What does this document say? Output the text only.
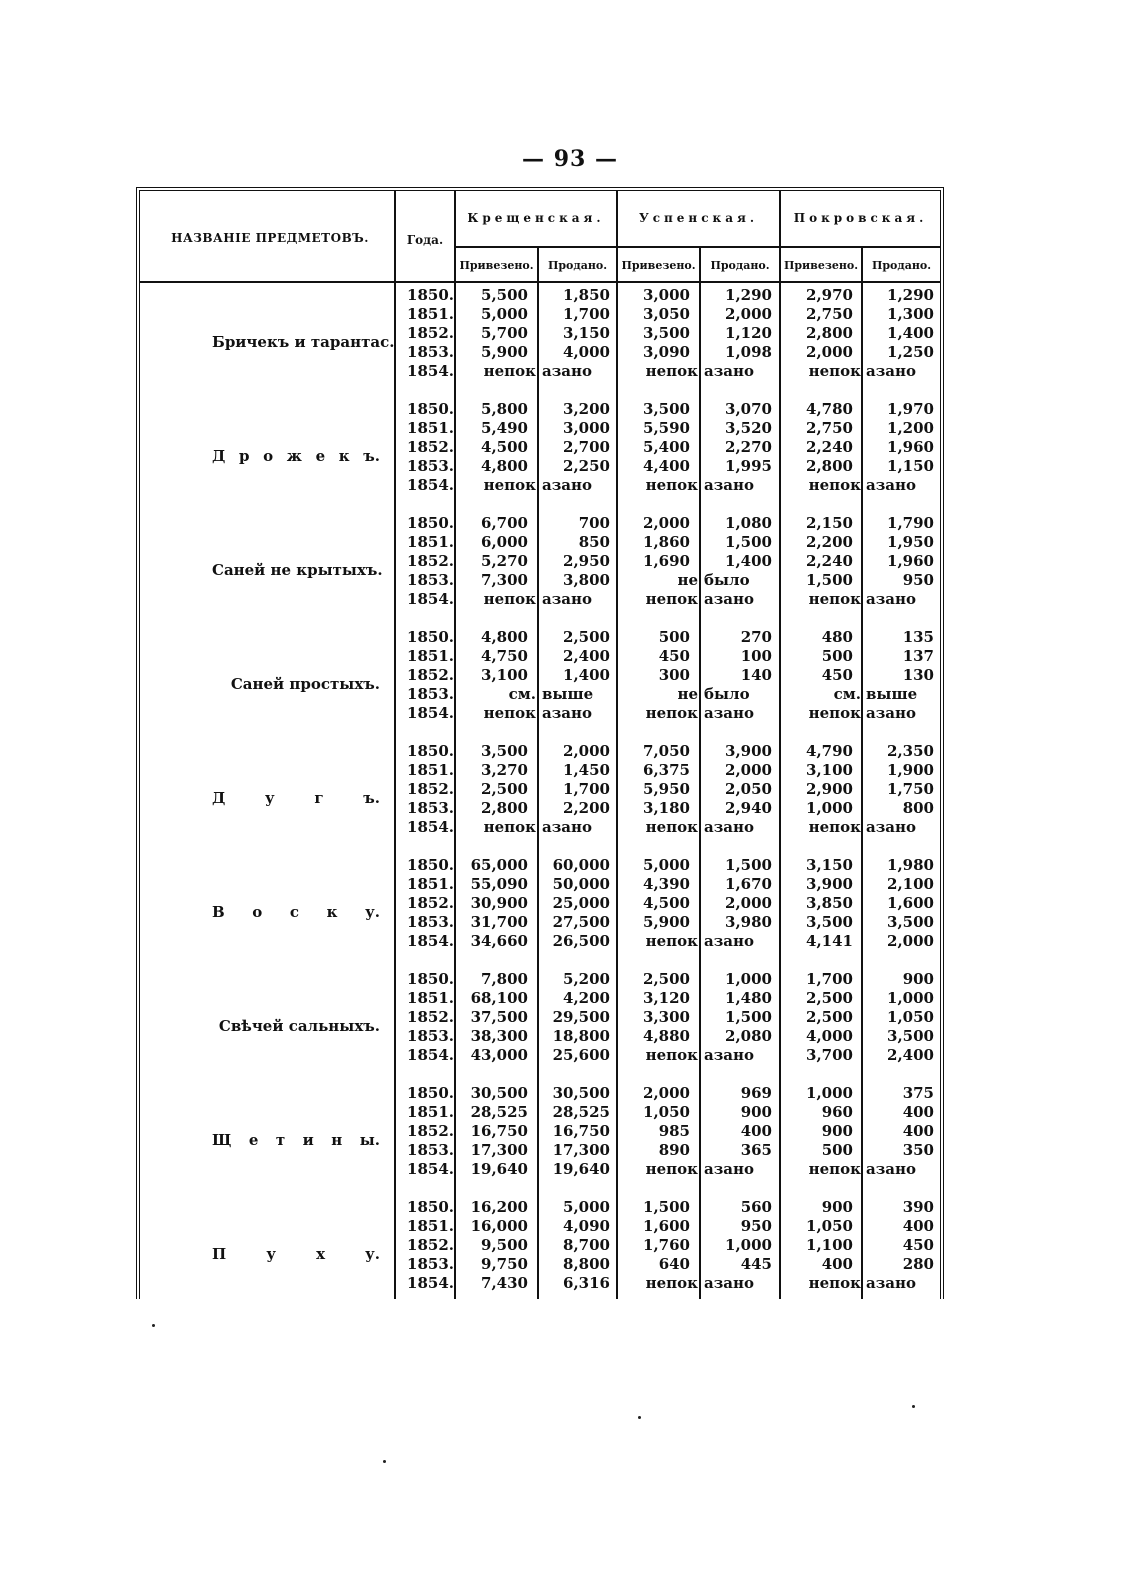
— 93 —
НАЗВАНІЕ ПРЕДМЕТОВЪ.	Года.
Крещенская.	Успенская.	Покровская.
Привезено.	Продано.	Привезено.	Продано.	Привезено.	Продано.
Бричекъ и тарантас.
1850.	5,500	1,850	3,000	1,290	2,970	1,290
1851.	5,000	1,700	3,050	2,000	2,750	1,300
1852.	5,700	3,150	3,500	1,120	2,800	1,400
1853.	5,900	4,000	3,090	1,098	2,000	1,250
1854.	непок азано	непок азано	непок азано
Д р о ж е к ъ.
1850.	5,800	3,200	3,500	3,070	4,780	1,970
1851.	5,490	3,000	5,590	3,520	2,750	1,200
1852.	4,500	2,700	5,400	2,270	2,240	1,960
1853.	4,800	2,250	4,400	1,995	2,800	1,150
1854.	непок азано	непок азано	непок азано
Саней не крытыхъ.
1850.	6,700	700	2,000	1,080	2,150	1,790
1851.	6,000	850	1,860	1,500	2,200	1,950
1852.	5,270	2,950	1,690	1,400	2,240	1,960
1853.	7,300	3,800	не было	1,500	950
1854.	непок азано	непок азано	непок азано
Саней простыхъ.
1850.	4,800	2,500	500	270	480	135
1851.	4,750	2,400	450	100	500	137
1852.	3,100	1,400	300	140	450	130
1853.	см. выше	не было	см. выше
1854.	непок азано	непок азано	непок азано
Д	у	г	ъ.
1850.	3,500	2,000	7,050	3,900	4,790	2,350
1851.	3,270	1,450	6,375	2,000	3,100	1,900
1852.	2,500	1,700	5,950	2,050	2,900	1,750
1853.	2,800	2,200	3,180	2,940	1,000	800
1854.	непок азано	непок азано	непок азано
В о с к у.
1850.	65,000	60,000	5,000	1,500	3,150	1,980
1851.	55,090	50,000	4,390	1,670	3,900	2,100
1852.	30,900	25,000	4,500	2,000	3,850	1,600
1853.	31,700	27,500	5,900	3,980	3,500	3,500
1854.	34,660	26,500	непок азано	4,141	2,000
Свѣчей сальныхъ.
1850.	7,800	5,200	2,500	1,000	1,700	900
1851.	68,100	4,200	3,120	1,480	2,500	1,000
1852.	37,500	29,500	3,300	1,500	2,500	1,050
1853.	38,300	18,800	4,880	2,080	4,000	3,500
1854.	43,000	25,600	непок азано	3,700	2,400
Щ е т и н ы.
1850.	30,500	30,500	2,000	969	1,000	375
1851.	28,525	28,525	1,050	900	960	400
1852.	16,750	16,750	985	400	900	400
1853.	17,300	17,300	890	365	500	350
1854.	19,640	19,640	непок азано	непок азано
П	у	х	у.
1850.	16,200	5,000	1,500	560	900	390
1851.	16,000	4,090	1,600	950	1,050	400
1852.	9,500	8,700	1,760	1,000	1,100	450
1853.	9,750	8,800	640	445	400	280
1854.	7,430	6,316	непок азано	непок азано
